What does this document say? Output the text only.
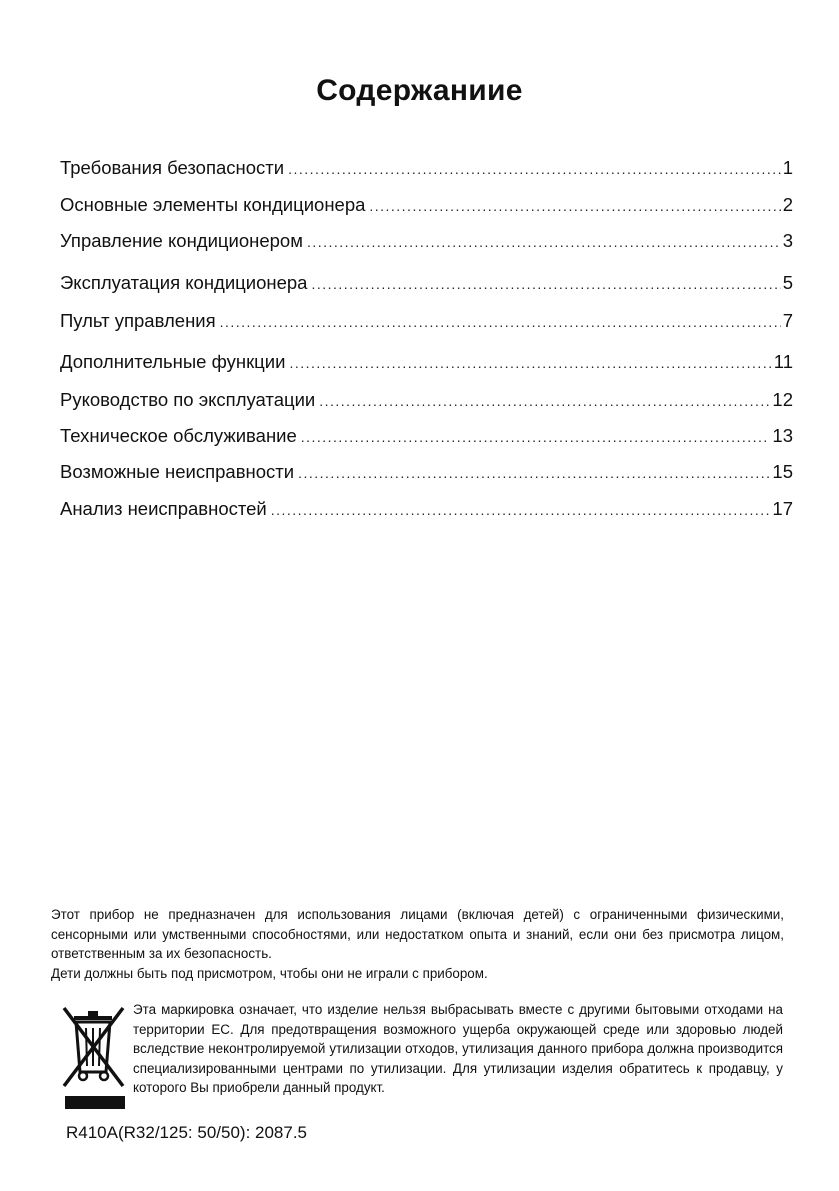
Содержаниие
Требования безопасности . . .	1
Основные элементы кондиционера . . .	2
Управление кондиционером . . .	3
Эксплуатация кондиционера . . .	5
Пульт управления . . .	7
Дополнительные функции . . .	11
Руководство по эксплуатации . . .	12
Техническое обслуживание . . .	13
Возможные неисправности . . .	15
Анализ неисправностей . . .	17

Этот прибор не предназначен для использования лицами (включая детей) с ограниченными физическими, сенсорными или умственными способностями, или недостатком опыта и знаний, если они без присмотра лицом, ответственным за их безопасность.

Дети должны быть под присмотром, чтобы они не играли с прибором.

Эта маркировка означает, что изделие нельзя выбрасывать вместе с другими бытовыми отходами на территории ЕС. Для предотвращения возможного ущерба окружающей среде или здоровью людей вследствие неконтролируемой утилизации отходов, утилизация данного прибора должна производится специализированными центрами по утилизации. Для утилизации изделия обратитесь к продавцу, у которого Вы приобрели данный продукт.
R410A(R32/125: 50/50): 2087.5
